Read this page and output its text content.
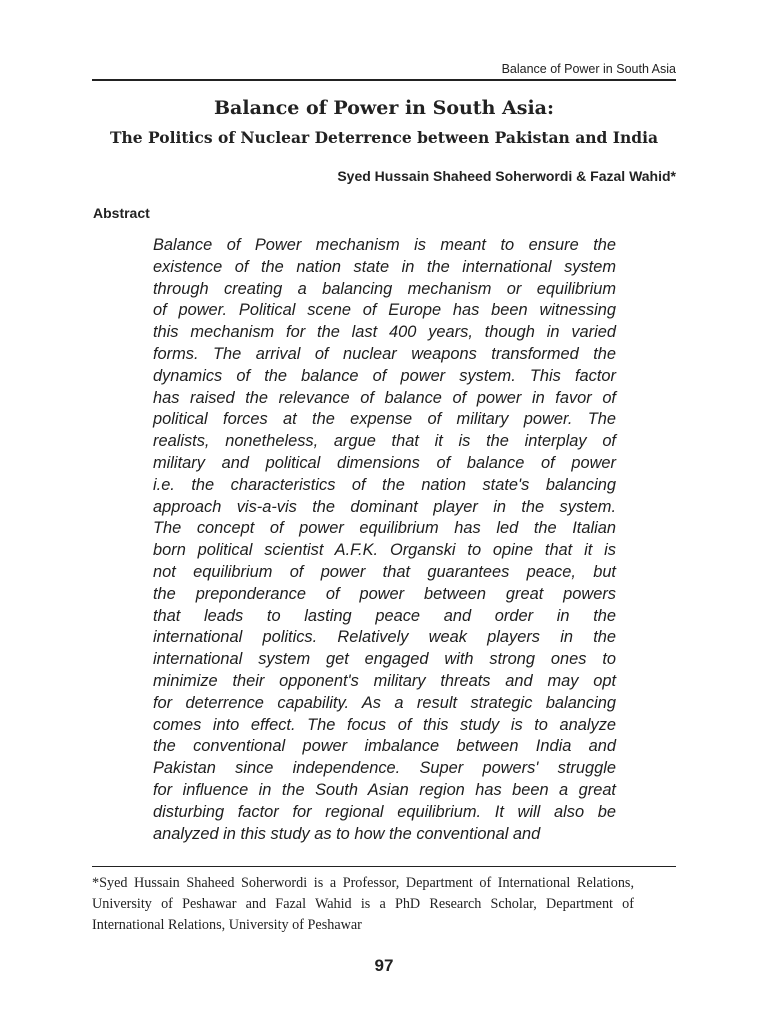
Balance of Power in South Asia
Balance of Power in South Asia:
The Politics of Nuclear Deterrence between Pakistan and India
Syed Hussain Shaheed Soherwordi & Fazal Wahid*
Abstract
Balance of Power mechanism is meant to ensure the
existence of the nation state in the international system
through creating a balancing mechanism or equilibrium
of power. Political scene of Europe has been witnessing
this mechanism for the last 400 years, though in varied
forms. The arrival of nuclear weapons transformed the
dynamics of the balance of power system. This factor
has raised the relevance of balance of power in favor of
political forces at the expense of military power. The
realists, nonetheless, argue that it is the interplay of
military and political dimensions of balance of power
i.e. the characteristics of the nation state's balancing
approach vis-a-vis the dominant player in the system.
The concept of power equilibrium has led the Italian
born political scientist A.F.K. Organski to opine that it is
not equilibrium of power that guarantees peace, but
the preponderance of power between great powers
that leads to lasting peace and order in the
international politics. Relatively weak players in the
international system get engaged with strong ones to
minimize their opponent's military threats and may opt
for deterrence capability. As a result strategic balancing
comes into effect. The focus of this study is to analyze
the conventional power imbalance between India and
Pakistan since independence. Super powers' struggle
for influence in the South Asian region has been a great
disturbing factor for regional equilibrium. It will also be
analyzed in this study as to how the conventional and

*Syed Hussain Shaheed Soherwordi is a Professor, Department of International Relations, University of Peshawar and Fazal Wahid is a PhD Research Scholar, Department of International Relations, University of Peshawar

97
